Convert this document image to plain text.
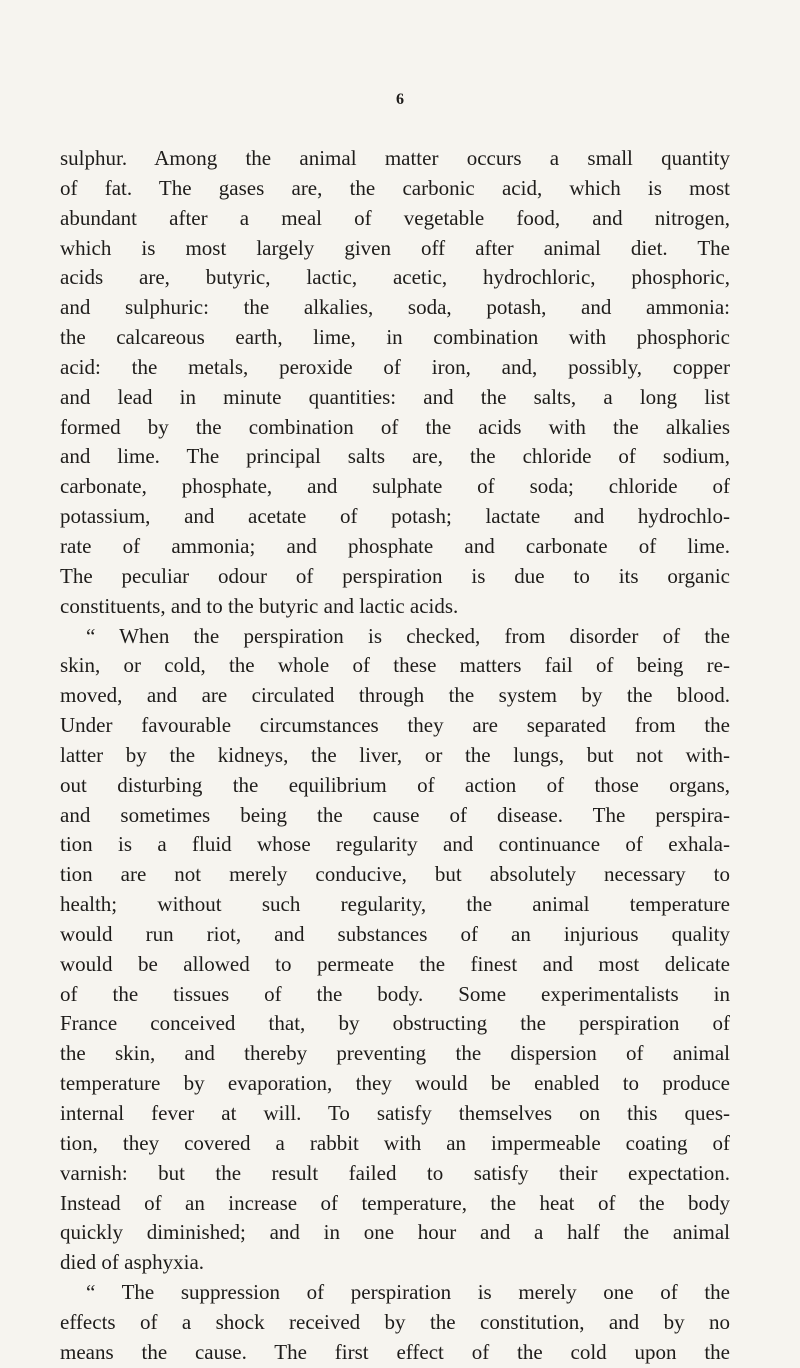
6
sulphur. Among the animal matter occurs a small quantity
of fat. The gases are, the carbonic acid, which is most
abundant after a meal of vegetable food, and nitrogen,
which is most largely given off after animal diet. The
acids are, butyric, lactic, acetic, hydrochloric, phosphoric,
and sulphuric: the alkalies, soda, potash, and ammonia:
the calcareous earth, lime, in combination with phosphoric
acid: the metals, peroxide of iron, and, possibly, copper
and lead in minute quantities: and the salts, a long list
formed by the combination of the acids with the alkalies
and lime. The principal salts are, the chloride of sodium,
carbonate, phosphate, and sulphate of soda; chloride of
potassium, and acetate of potash; lactate and hydrochlo-
rate of ammonia; and phosphate and carbonate of lime.
The peculiar odour of perspiration is due to its organic
constituents, and to the butyric and lactic acids.
“ When the perspiration is checked, from disorder of the
skin, or cold, the whole of these matters fail of being re-
moved, and are circulated through the system by the blood.
Under favourable circumstances they are separated from the
latter by the kidneys, the liver, or the lungs, but not with-
out disturbing the equilibrium of action of those organs,
and sometimes being the cause of disease. The perspira-
tion is a fluid whose regularity and continuance of exhala-
tion are not merely conducive, but absolutely necessary to
health; without such regularity, the animal temperature
would run riot, and substances of an injurious quality
would be allowed to permeate the finest and most delicate
of the tissues of the body. Some experimentalists in
France conceived that, by obstructing the perspiration of
the skin, and thereby preventing the dispersion of animal
temperature by evaporation, they would be enabled to produce
internal fever at will. To satisfy themselves on this ques-
tion, they covered a rabbit with an impermeable coating of
varnish: but the result failed to satisfy their expectation.
Instead of an increase of temperature, the heat of the body
quickly diminished; and in one hour and a half the animal
died of asphyxia.
“ The suppression of perspiration is merely one of the
effects of a shock received by the constitution, and by no
means the cause. The first effect of the cold upon the
